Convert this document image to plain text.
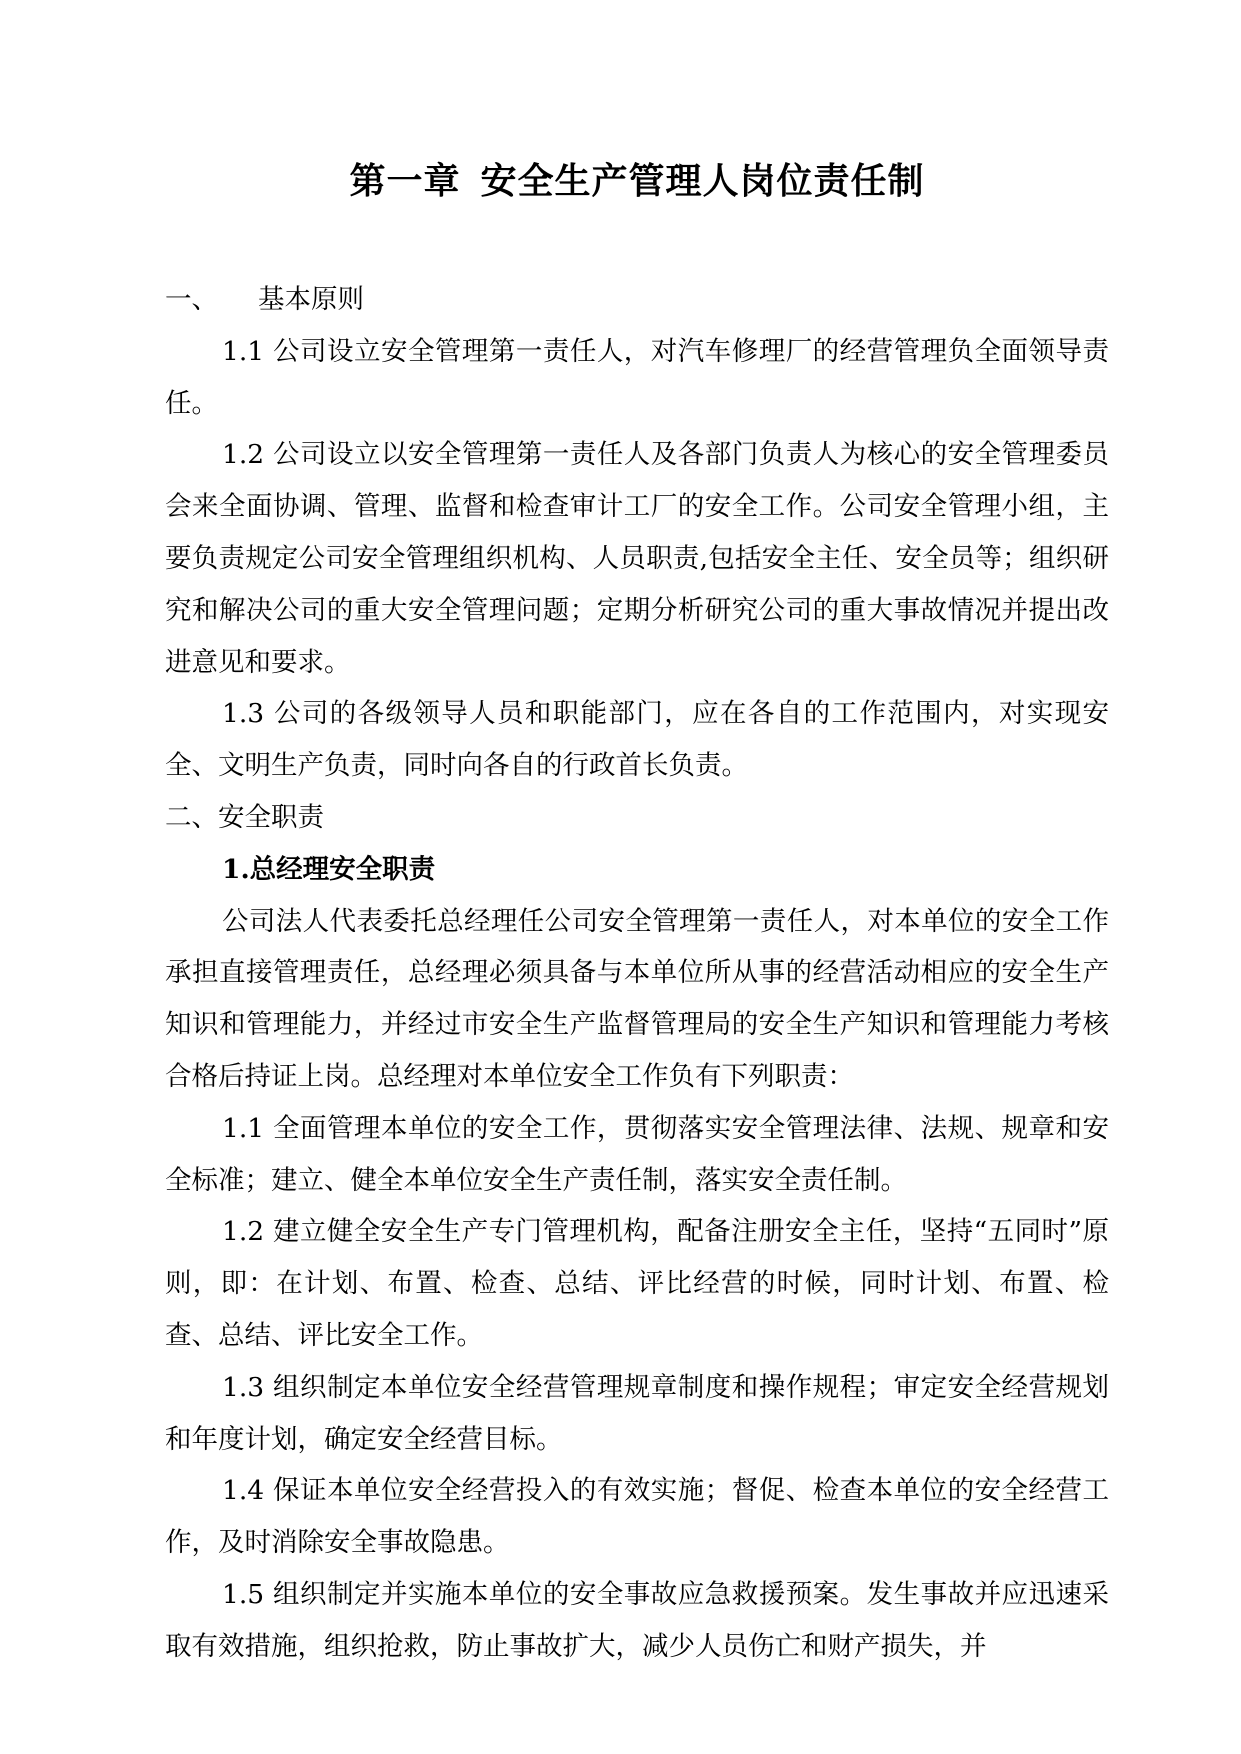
第一章 安全生产管理人岗位责任制

一、 基本原则

1.1 公司设立安全管理第一责任人，对汽车修理厂的经营管理负全面领导责任。

1.2 公司设立以安全管理第一责任人及各部门负责人为核心的安全管理委员会来全面协调、管理、监督和检查审计工厂的安全工作。公司安全管理小组，主要负责规定公司安全管理组织机构、人员职责,包括安全主任、安全员等；组织研究和解决公司的重大安全管理问题；定期分析研究公司的重大事故情况并提出改进意见和要求。

1.3 公司的各级领导人员和职能部门，应在各自的工作范围内，对实现安全、文明生产负责，同时向各自的行政首长负责。

二、安全职责

1.总经理安全职责

公司法人代表委托总经理任公司安全管理第一责任人，对本单位的安全工作承担直接管理责任，总经理必须具备与本单位所从事的经营活动相应的安全生产知识和管理能力，并经过市安全生产监督管理局的安全生产知识和管理能力考核合格后持证上岗。总经理对本单位安全工作负有下列职责：

1.1 全面管理本单位的安全工作，贯彻落实安全管理法律、法规、规章和安全标准；建立、健全本单位安全生产责任制，落实安全责任制。

1.2 建立健全安全生产专门管理机构，配备注册安全主任，坚持“五同时”原则，即：在计划、布置、检查、总结、评比经营的时候，同时计划、布置、检查、总结、评比安全工作。

1.3 组织制定本单位安全经营管理规章制度和操作规程；审定安全经营规划和年度计划，确定安全经营目标。

1.4 保证本单位安全经营投入的有效实施；督促、检查本单位的安全经营工作，及时消除安全事故隐患。

1.5 组织制定并实施本单位的安全事故应急救援预案。发生事故并应迅速采取有效措施，组织抢救，防止事故扩大，减少人员伤亡和财产损失，并
